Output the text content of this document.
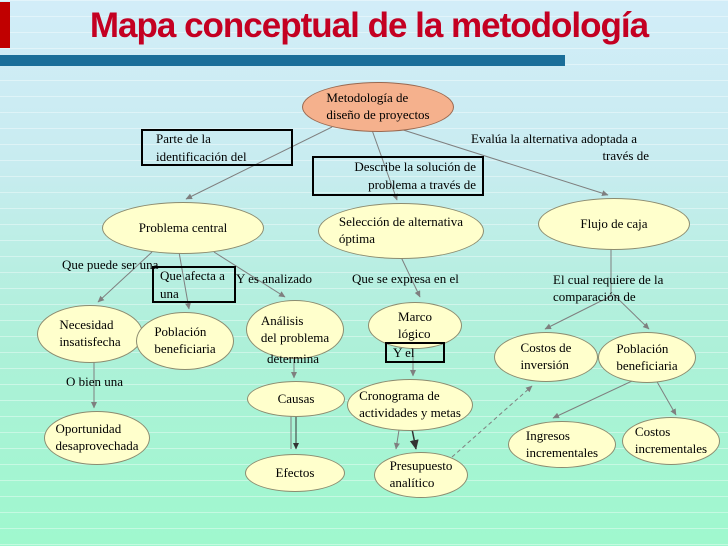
Mapa conceptual de la metodología
Metodología de
diseño de proyectos
Problema central	Selección de alternativa
óptima
Flujo de caja
Necesidad
insatisfecha
Población
beneficiaria
Análisis
del problema
Marco
lógico
Costos de
inversión
Población
beneficiaria
Oportunidad
desaprovechada
Causas	Cronograma de
actividades y metas
Efectos	Presupuesto
analítico
Ingresos
incrementales
Costos
incrementales
Parte de la
identificación del
Describe la solución de
problema a través de
Que afecta a
una
Y el
Evalúa la alternativa adoptada a
través de
Que puede ser una
Y es analizado	Que se expresa en el	El cual requiere de la
comparación de
determina
O bien una
